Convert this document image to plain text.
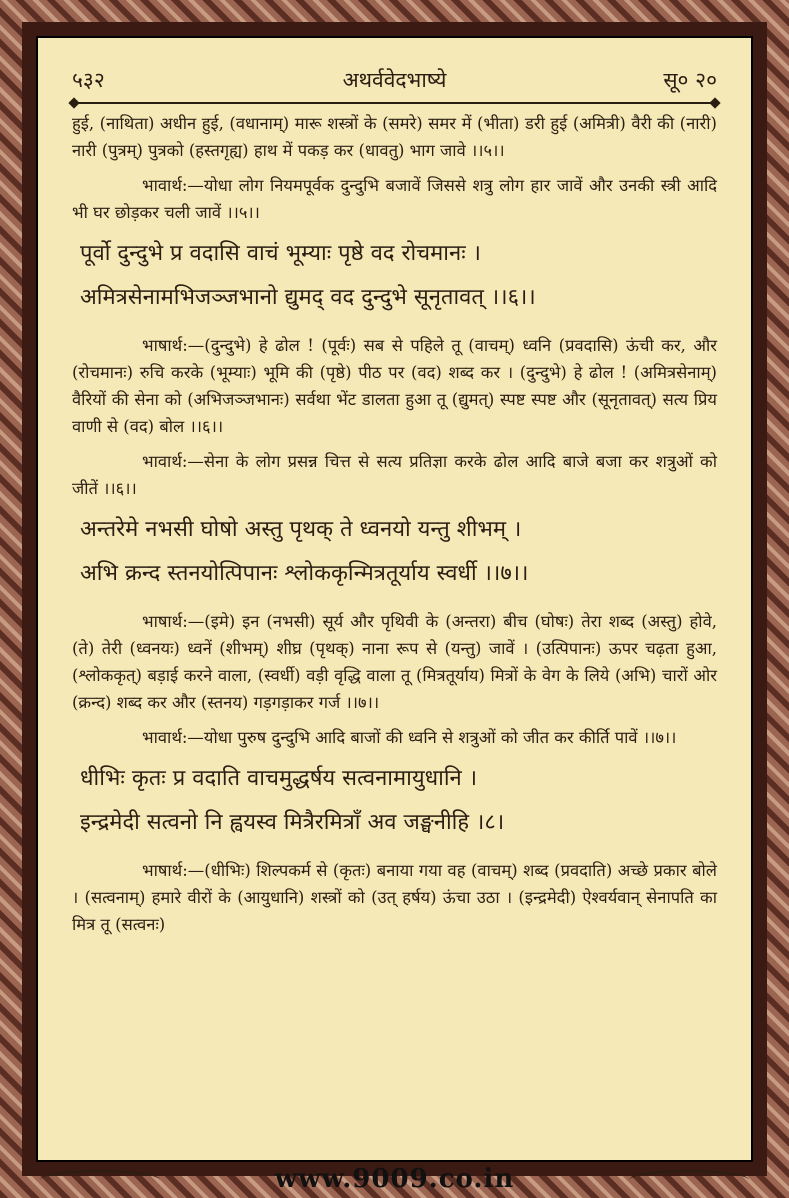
५३२	अथर्ववेदभाष्ये	सू० २०

हुई, (नाथिता) अधीन हुई, (वधानाम्) मारू शस्त्रों के (समरे) समर में (भीता) डरी हुई (अमित्री) वैरी की (नारी) नारी (पुत्रम्) पुत्रको (हस्तगृह्य) हाथ में पकड़ कर (धावतु) भाग जावे ।।५।।

भावार्थ:—योधा लोग नियमपूर्वक दुन्दुभि बजावें जिससे शत्रु लोग हार जावें और उनकी स्त्री आदि भी घर छोड़कर चली जावें ।।५।।

पूर्वो दुन्दुभे प्र वदासि वाचं भूम्याः पृष्ठे वद रोचमानः ।
अमित्रसेनामभिजञ्जभानो द्युमद् वद दुन्दुभे सूनृतावत् ।।६।।

भाषार्थ:—(दुन्दुभे) हे ढोल ! (पूर्वः) सब से पहिले तू (वाचम्) ध्वनि (प्रवदासि) ऊंची कर, और (रोचमानः) रुचि करके (भूम्याः) भूमि की (पृष्ठे) पीठ पर (वद) शब्द कर । (दुन्दुभे) हे ढोल ! (अमित्रसेनाम्) वैरियों की सेना को (अभिजञ्जभानः) सर्वथा भेंट डालता हुआ तू (द्युमत्) स्पष्ट स्पष्ट और (सूनृतावत्) सत्य प्रिय वाणी से (वद) बोल ।।६।।

भावार्थ:—सेना के लोग प्रसन्न चित्त से सत्य प्रतिज्ञा करके ढोल आदि बाजे बजा कर शत्रुओं को जीतें ।।६।।

अन्तरेमे नभसी घोषो अस्तु पृथक् ते ध्वनयो यन्तु शीभम् ।
अभि क्रन्द स्तनयोत्पिपानः श्लोककृन्मित्रतूर्याय स्वर्धी ।।७।।

भाषार्थ:—(इमे) इन (नभसी) सूर्य और पृथिवी के (अन्तरा) बीच (घोषः) तेरा शब्द (अस्तु) होवे, (ते) तेरी (ध्वनयः) ध्वनें (शीभम्) शीघ्र (पृथक्) नाना रूप से (यन्तु) जावें । (उत्पिपानः) ऊपर चढ़ता हुआ, (श्लोककृत्) बड़ाई करने वाला, (स्वर्धी) वड़ी वृद्धि वाला तू (मित्रतूर्याय) मित्रों के वेग के लिये (अभि) चारों ओर (क्रन्द) शब्द कर और (स्तनय) गड़गड़ाकर गर्ज ।।७।।

भावार्थ:—योधा पुरुष दुन्दुभि आदि बाजों की ध्वनि से शत्रुओं को जीत कर कीर्ति पावें ।।७।।

धीभिः कृतः प्र वदाति वाचमुद्धर्षय सत्वनामायुधानि ।
इन्द्रमेदी सत्वनो नि ह्वयस्व मित्रैरमित्राँ अव जङ्घनीहि ।८।

भाषार्थ:—(धीभिः) शिल्पकर्म से (कृतः) बनाया गया वह (वाचम्) शब्द (प्रवदाति) अच्छे प्रकार बोले । (सत्वनाम्) हमारे वीरों के (आयुधानि) शस्त्रों को (उत् हर्षय) ऊंचा उठा । (इन्द्रमेदी) ऐश्वर्यवान् सेनापति का मित्र तू (सत्वनः)

www.9009.co.in
